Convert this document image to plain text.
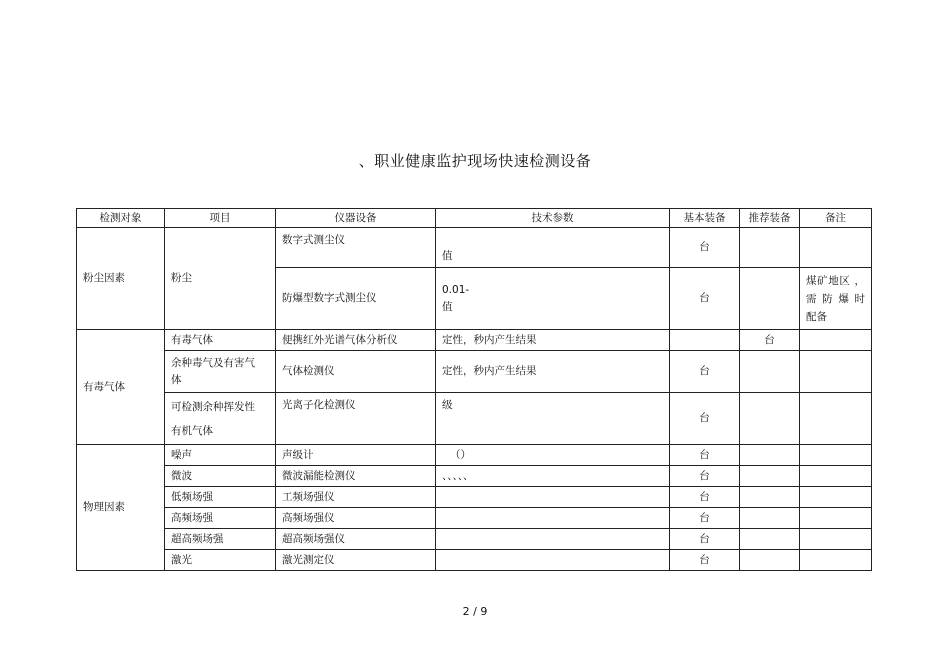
、职业健康监护现场快速检测设备
检测对象	项目	仪器设备	技术参数	基本装备	推荐装备	备注
粉尘因素	粉尘	数字式测尘仪	值	台		
		防爆型数字式测尘仪	0.01-
值	台		煤矿地区 ，
需 防 爆 时
配备

有毒气体	有毒气体	便携红外光谱气体分析仪	定性，秒内产生结果		台	

	余种毒气及有害气
体	气体检测仪	定性，秒内产生结果	台		

	可检测余种挥发性
有机气体	光离子化检测仪	级	台		
物理因素	噪声	声级计	（）	台		
	微波	微波漏能检测仪	、、、、、	台		
	低频场强	工频场强仪		台		
	高频场强	高频场强仪		台		
	超高频场强	超高频场强仪		台		
	激光	激光测定仪		台		
2 / 9
